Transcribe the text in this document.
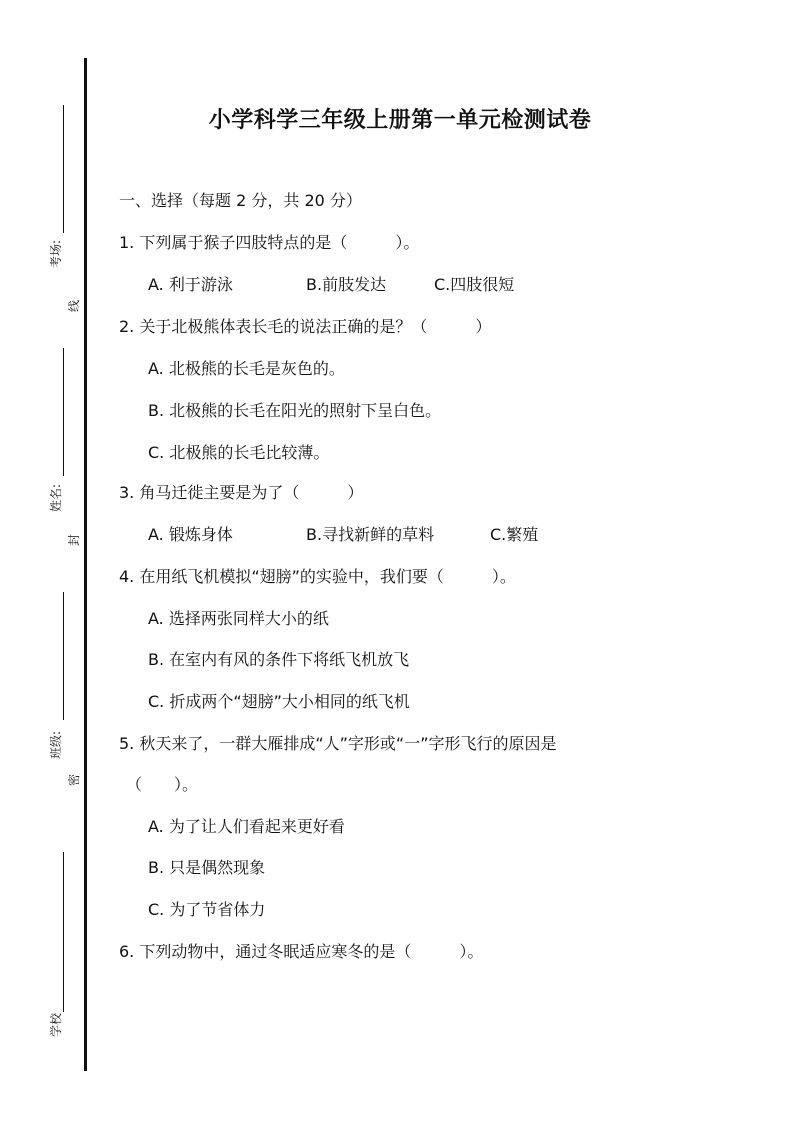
考场:
线
姓名:
封
班级:
密
学校
小学科学三年级上册第一单元检测试卷
一、选择（每题 2 分，共 20 分）
1. 下列属于猴子四肢特点的是（　　　）。
A. 利于游泳	B.前肢发达	C.四肢很短
2. 关于北极熊体表长毛的说法正确的是？（　　　）
A. 北极熊的长毛是灰色的。
B. 北极熊的长毛在阳光的照射下呈白色。
C. 北极熊的长毛比较薄。
3. 角马迁徙主要是为了（　　　）
A. 锻炼身体	B.寻找新鲜的草料	C.繁殖
4. 在用纸飞机模拟“翅膀”的实验中，我们要（　　　）。
A. 选择两张同样大小的纸
B. 在室内有风的条件下将纸飞机放飞
C. 折成两个“翅膀”大小相同的纸飞机
5. 秋天来了，一群大雁排成“人”字形或“一”字形飞行的原因是
（　　）。
A. 为了让人们看起来更好看
B. 只是偶然现象
C. 为了节省体力
6. 下列动物中，通过冬眠适应寒冬的是（　　　）。
